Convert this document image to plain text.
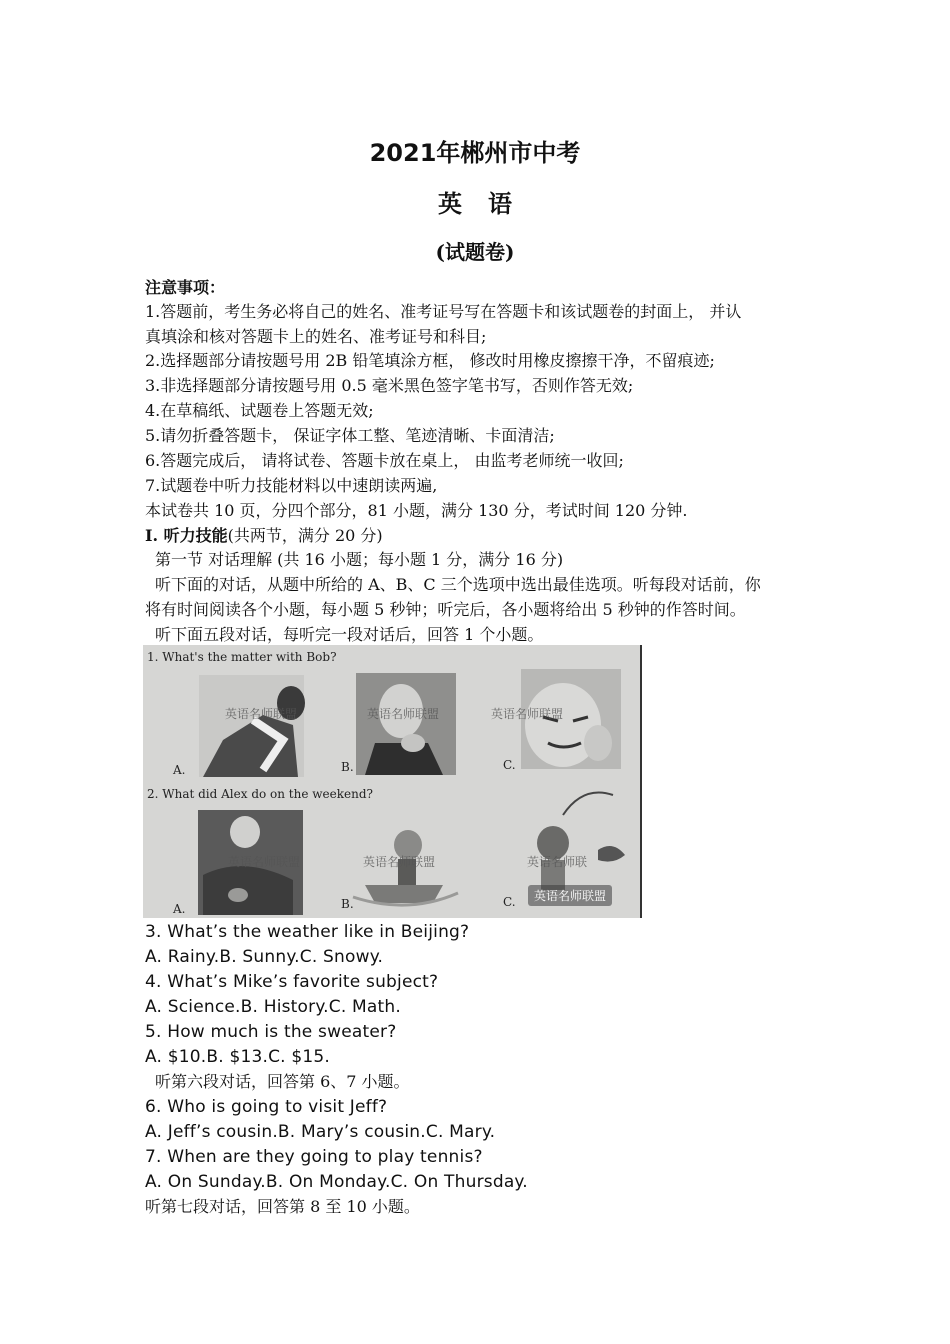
2021年郴州市中考
英语
(试题卷)
注意事项：
1.答题前，考生务必将自己的姓名、准考证号写在答题卡和该试题卷的封面上， 并认
真填涂和核对答题卡上的姓名、准考证号和科目;
2.选择题部分请按题号用 2B 铅笔填涂方框， 修改时用橡皮擦擦干净，不留痕迹;
3.非选择题部分请按题号用 0.5 毫米黑色签字笔书写，否则作答无效;
4.在草稿纸、试题卷上答题无效;
5.请勿折叠答题卡， 保证字体工整、笔迹清晰、卡面清洁;
6.答题完成后， 请将试卷、答题卡放在桌上， 由监考老师统一收回;
7.试题卷中听力技能材料以中速朗读两遍,
本试卷共 10 页，分四个部分，81 小题，满分 130 分，考试时间 120 分钟.
I. 听力技能(共两节，满分 20 分)
第一节 对话理解 (共 16 小题；每小题 1 分，满分 16 分)
听下面的对话，从题中所给的 A、B、C 三个选项中选出最佳选项。听每段对话前，你
将有时间阅读各个小题，每小题 5 秒钟；听完后，各小题将给出 5 秒钟的作答时间。
听下面五段对话，每听完一段对话后，回答 1 个小题。
1. What's the matter with Bob?
A.	B.	C.
英语名师联盟	英语名师联盟	英语名师联盟
2. What did Alex do on the weekend?
A.	B.	C.
英语名师联盟	英语名师联盟	英语名师联
英语名师联盟
3. What’s the weather like in Beijing?
A. Rainy.B. Sunny.C. Snowy.
4. What’s Mike’s favorite subject?
A. Science.B. History.C. Math.
5. How much is the sweater?
A. $10.B. $13.C. $15.
听第六段对话，回答第 6、7 小题。
6. Who is going to visit Jeff?
A. Jeff’s cousin.B. Mary’s cousin.C. Mary.
7. When are they going to play tennis?
A. On Sunday.B. On Monday.C. On Thursday.
听第七段对话，回答第 8 至 10 小题。
